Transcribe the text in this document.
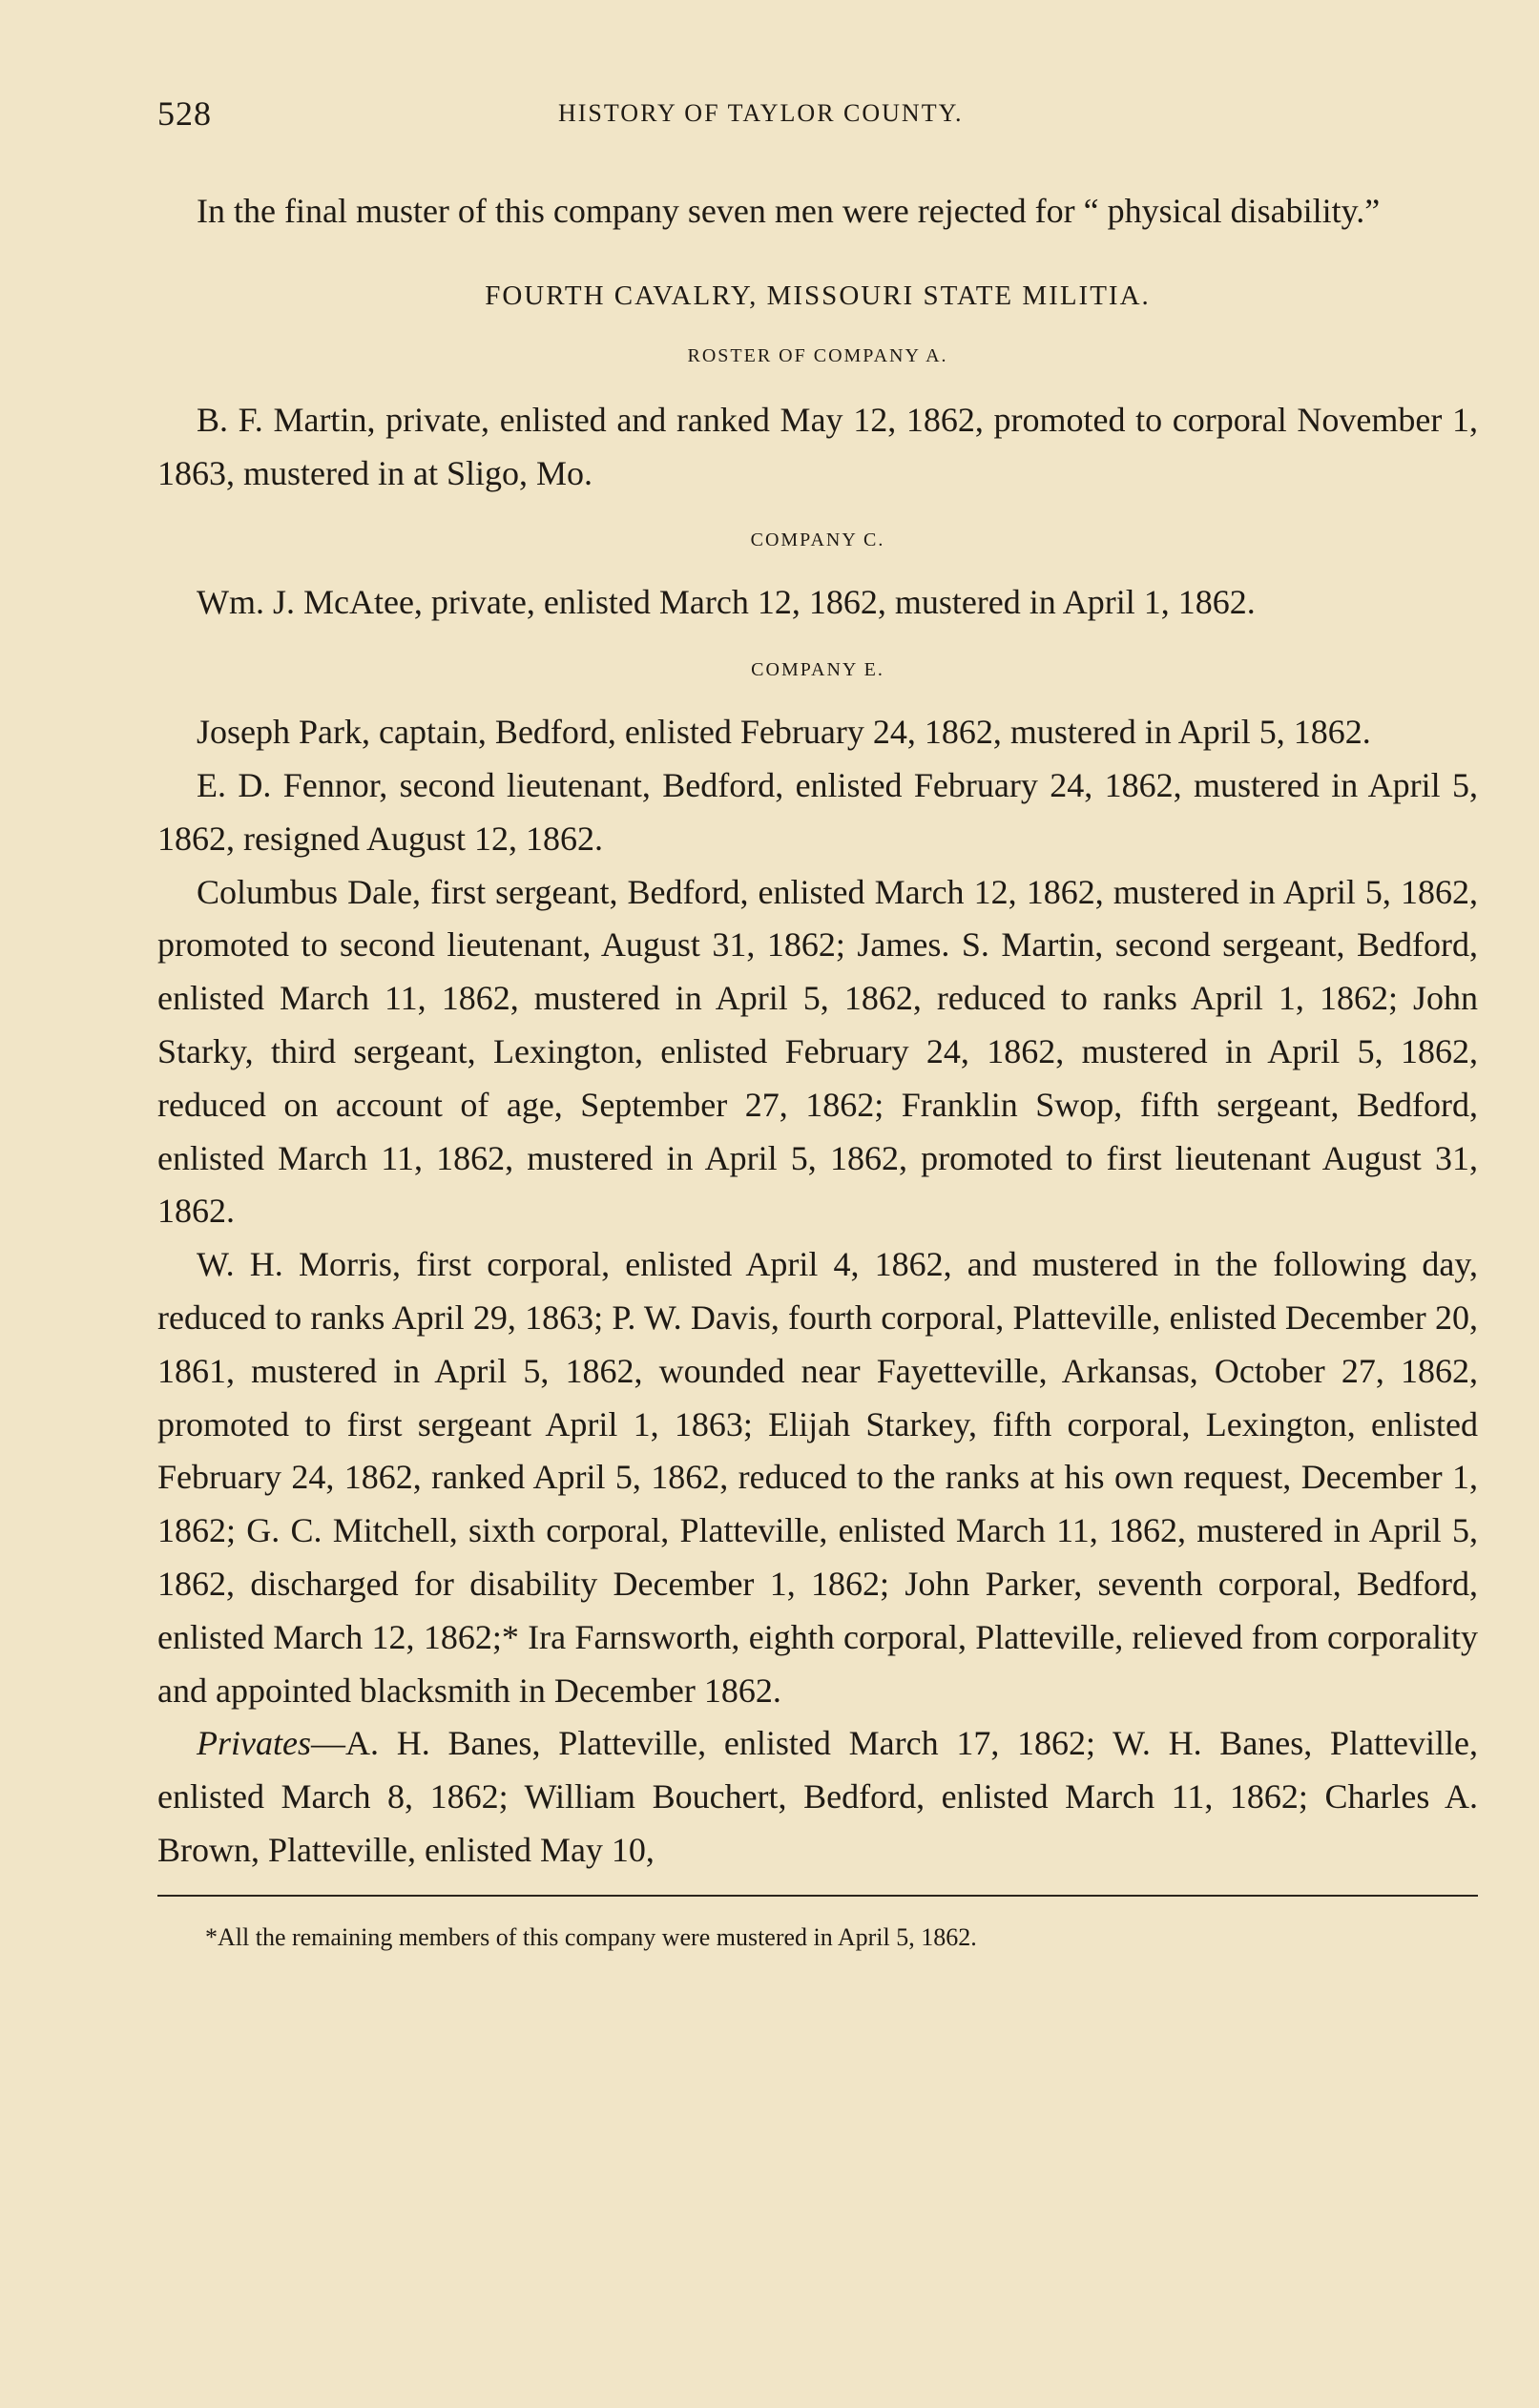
528	HISTORY OF TAYLOR COUNTY.

In the final muster of this company seven men were rejected for “ physical disability.”

FOURTH CAVALRY, MISSOURI STATE MILITIA.
ROSTER OF COMPANY A.

B. F. Martin, private, enlisted and ranked May 12, 1862, promoted to corporal November 1, 1863, mustered in at Sligo, Mo.

COMPANY C.

Wm. J. McAtee, private, enlisted March 12, 1862, mustered in April 1, 1862.

COMPANY E.

Joseph Park, captain, Bedford, enlisted February 24, 1862, mustered in April 5, 1862.

E. D. Fennor, second lieutenant, Bedford, enlisted February 24, 1862, mustered in April 5, 1862, resigned August 12, 1862.

Columbus Dale, first sergeant, Bedford, enlisted March 12, 1862, mustered in April 5, 1862, promoted to second lieutenant, August 31, 1862; James. S. Martin, second sergeant, Bedford, enlisted March 11, 1862, mustered in April 5, 1862, reduced to ranks April 1, 1862; John Starky, third sergeant, Lexington, enlisted February 24, 1862, mustered in April 5, 1862, reduced on account of age, September 27, 1862; Franklin Swop, fifth sergeant, Bedford, enlisted March 11, 1862, mustered in April 5, 1862, promoted to first lieutenant August 31, 1862.

W. H. Morris, first corporal, enlisted April 4, 1862, and mustered in the following day, reduced to ranks April 29, 1863; P. W. Davis, fourth corporal, Platteville, enlisted December 20, 1861, mustered in April 5, 1862, wounded near Fayetteville, Arkansas, October 27, 1862, promoted to first sergeant April 1, 1863; Elijah Starkey, fifth corporal, Lexington, enlisted February 24, 1862, ranked April 5, 1862, reduced to the ranks at his own request, December 1, 1862; G. C. Mitchell, sixth corporal, Platteville, enlisted March 11, 1862, mustered in April 5, 1862, discharged for disability December 1, 1862; John Parker, seventh corporal, Bedford, enlisted March 12, 1862;* Ira Farnsworth, eighth corporal, Platteville, relieved from corporality and appointed blacksmith in December 1862.

Privates—A. H. Banes, Platteville, enlisted March 17, 1862; W. H. Banes, Platteville, enlisted March 8, 1862; William Bouchert, Bedford, enlisted March 11, 1862; Charles A. Brown, Platteville, enlisted May 10,

*All the remaining members of this company were mustered in April 5, 1862.
